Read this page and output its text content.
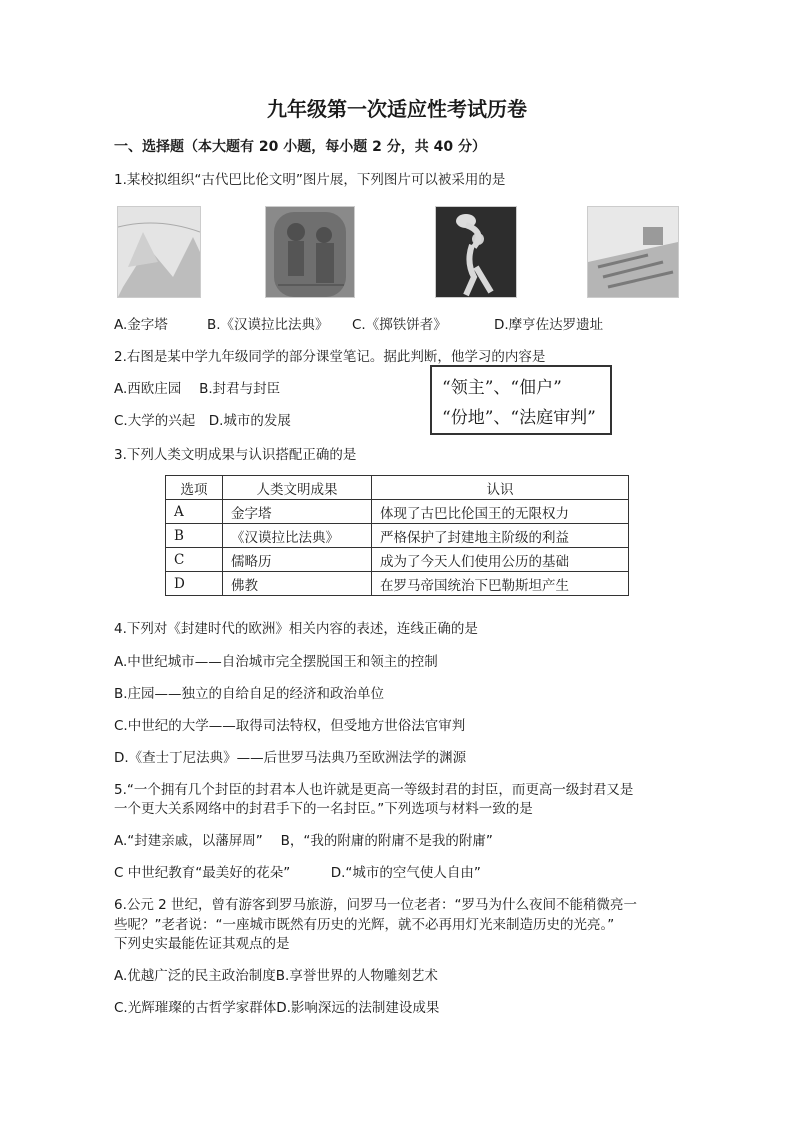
九年级第一次适应性考试历卷
一、选择题（本大题有 20 小题，每小题 2 分，共 40 分）
1.某校拟组织“古代巴比伦文明”图片展，下列图片可以被采用的是
A.金字塔	B.《汉谟拉比法典》 C.《掷铁饼者》	D.摩亨佐达罗遗址
2.右图是某中学九年级同学的部分课堂笔记。据此判断，他学习的内容是
A.西欧庄园　 B.封君与封臣
C.大学的兴起　D.城市的发展
“领主”、“佃户”
“份地”、“法庭审判”
3.下列人类文明成果与认识搭配正确的是
选项	人类文明成果	认识
A	金字塔	体现了古巴比伦国王的无限权力
B	《汉谟拉比法典》	严格保护了封建地主阶级的利益
C	儒略历	成为了今天人们使用公历的基础
D	佛教	在罗马帝国统治下巴勒斯坦产生
4.下列对《封建时代的欧洲》相关内容的表述，连线正确的是
A.中世纪城市——自治城市完全摆脱国王和领主的控制
B.庄园——独立的自给自足的经济和政治单位
C.中世纪的大学——取得司法特权，但受地方世俗法官审判
D.《查士丁尼法典》——后世罗马法典乃至欧洲法学的渊源
5.“一个拥有几个封臣的封君本人也许就是更高一等级封君的封臣，而更高一级封君又是
一个更大关系网络中的封君手下的一名封臣。”下列选项与材料一致的是
A.“封建亲戚，以藩屏周”　 B，“我的附庸的附庸不是我的附庸”
C 中世纪教育“最美好的花朵”　　　D.“城市的空气使人自由”
6.公元 2 世纪，曾有游客到罗马旅游，问罗马一位老者：“罗马为什么夜间不能稍微亮一
些呢？”老者说：“一座城市既然有历史的光辉，就不必再用灯光来制造历史的光亮。”
下列史实最能佐证其观点的是
A.优越广泛的民主政治制度B.享誉世界的人物雕刻艺术
C.光辉璀璨的古哲学家群体D.影响深远的法制建设成果
